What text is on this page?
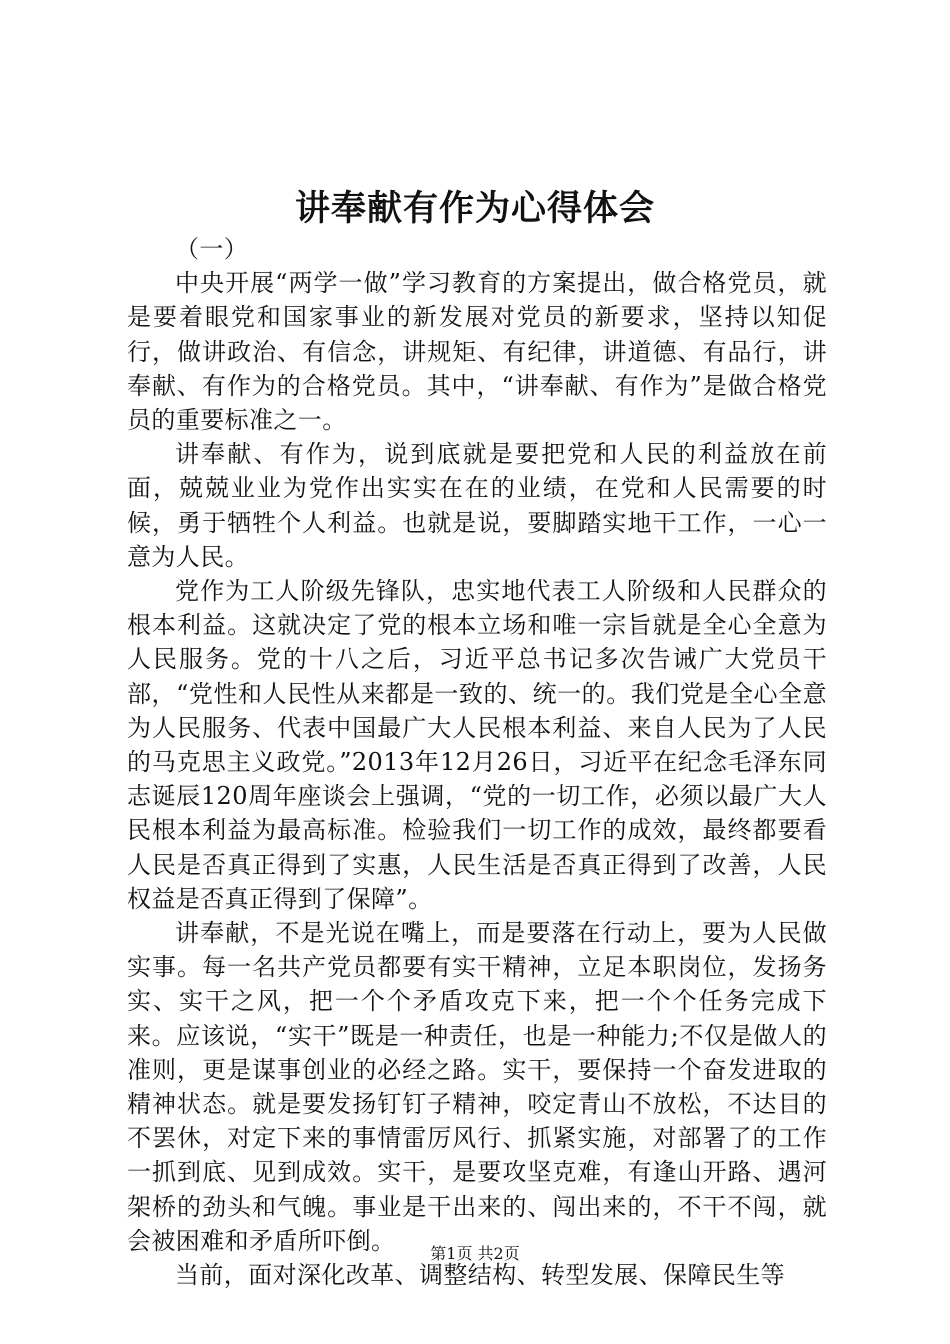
讲奉献有作为心得体会

（一）

中央开展“两学一做”学习教育的方案提出，做合格党员，就是要着眼党和国家事业的新发展对党员的新要求，坚持以知促行，做讲政治、有信念，讲规矩、有纪律，讲道德、有品行，讲奉献、有作为的合格党员。其中，“讲奉献、有作为”是做合格党员的重要标准之一。

讲奉献、有作为，说到底就是要把党和人民的利益放在前面，兢兢业业为党作出实实在在的业绩，在党和人民需要的时候，勇于牺牲个人利益。也就是说，要脚踏实地干工作，一心一意为人民。

党作为工人阶级先锋队，忠实地代表工人阶级和人民群众的根本利益。这就决定了党的根本立场和唯一宗旨就是全心全意为人民服务。党的十八之后，习近平总书记多次告诫广大党员干部，“党性和人民性从来都是一致的、统一的。我们党是全心全意为人民服务、代表中国最广大人民根本利益、来自人民为了人民的马克思主义政党。”2013年12月26日，习近平在纪念毛泽东同志诞辰120周年座谈会上强调，“党的一切工作，必须以最广大人民根本利益为最高标准。检验我们一切工作的成效，最终都要看人民是否真正得到了实惠，人民生活是否真正得到了改善，人民权益是否真正得到了保障”。

讲奉献，不是光说在嘴上，而是要落在行动上，要为人民做实事。每一名共产党员都要有实干精神，立足本职岗位，发扬务实、实干之风，把一个个矛盾攻克下来，把一个个任务完成下来。应该说，“实干”既是一种责任，也是一种能力;不仅是做人的准则，更是谋事创业的必经之路。实干，要保持一个奋发进取的精神状态。就是要发扬钉钉子精神，咬定青山不放松，不达目的不罢休，对定下来的事情雷厉风行、抓紧实施，对部署了的工作一抓到底、见到成效。实干，是要攻坚克难，有逢山开路、遇河架桥的劲头和气魄。事业是干出来的、闯出来的，不干不闯，就会被困难和矛盾所吓倒。

当前，面对深化改革、调整结构、转型发展、保障民生等

第1页 共2页
